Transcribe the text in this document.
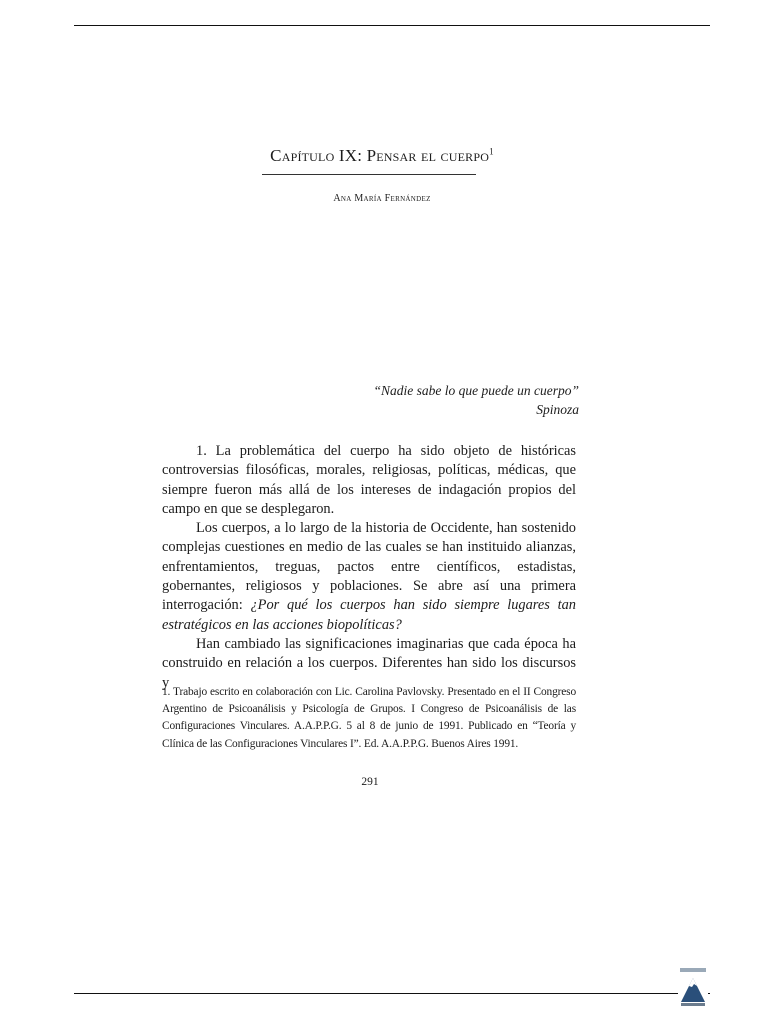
Capítulo IX: Pensar el cuerpo$^1$
Ana María Fernández
“Nadie sabe lo que puede un cuerpo”
Spinoza

1. La problemática del cuerpo ha sido objeto de históricas controversias filosóficas, morales, religiosas, políticas, médicas, que siempre fueron más allá de los intereses de indagación propios del campo en que se desplegaron.

Los cuerpos, a lo largo de la historia de Occidente, han sostenido complejas cuestiones en medio de las cuales se han instituido alianzas, enfrentamientos, treguas, pactos entre científicos, estadistas, gobernantes, religiosos y poblaciones. Se abre así una primera interrogación: ¿Por qué los cuerpos han sido siempre lugares tan estratégicos en las acciones biopolíticas?

Han cambiado las significaciones imaginarias que cada época ha construido en relación a los cuerpos. Diferentes han sido los discursos y

1. Trabajo escrito en colaboración con Lic. Carolina Pavlovsky. Presentado en el II Congreso Argentino de Psicoanálisis y Psicología de Grupos. I Congreso de Psicoanálisis de las Configuraciones Vinculares. A.A.P.P.G. 5 al 8 de junio de 1991. Publicado en “Teoría y Clínica de las Configuraciones Vinculares I”. Ed. A.A.P.P.G. Buenos Aires 1991.
291
